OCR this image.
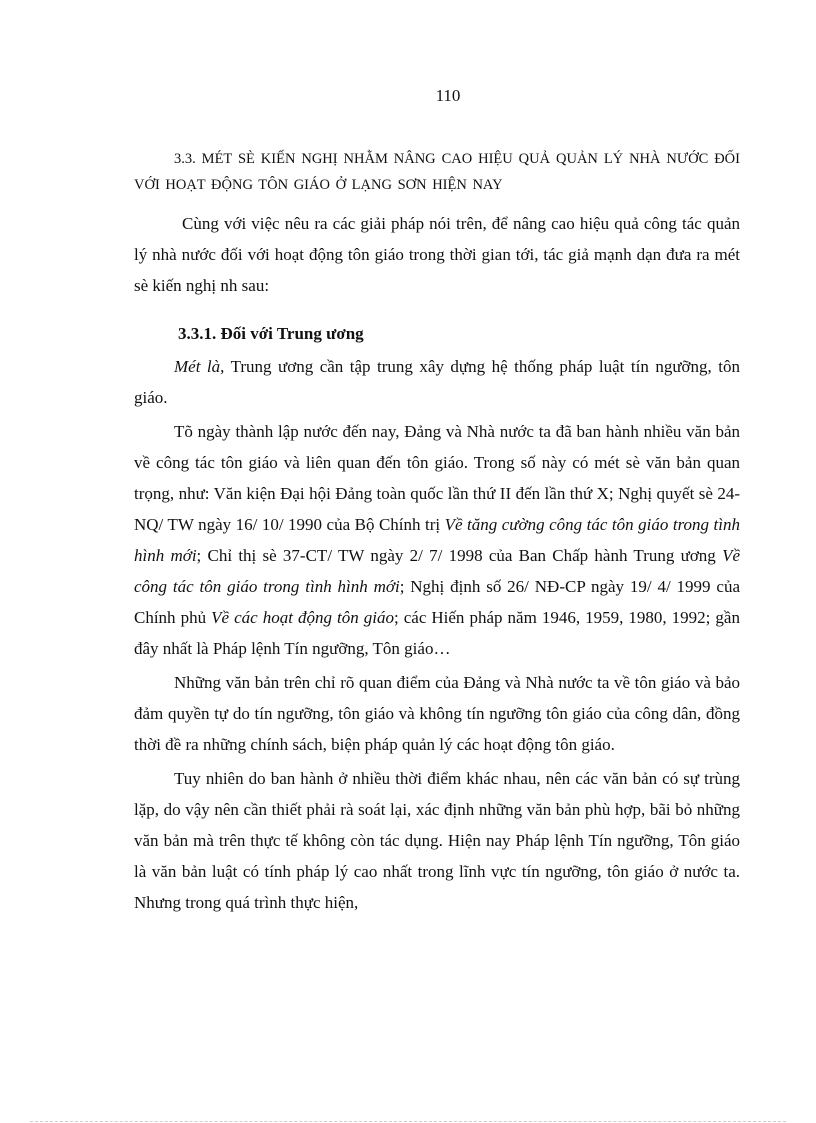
110

3.3. MÉT SÈ KIẾN NGHỊ NHẰM NÂNG CAO HIỆU QUẢ QUẢN LÝ NHÀ NƯỚC ĐỐI VỚI HOẠT ĐỘNG TÔN GIÁO Ở LẠNG SƠN HIỆN NAY

Cùng với việc nêu ra các giải pháp nói trên, để nâng cao hiệu quả công tác quản lý nhà nước đối với hoạt động tôn giáo trong thời gian tới, tác giả mạnh dạn đưa ra mét sè kiến nghị nh sau:

3.3.1. Đối với Trung ương

Mét là, Trung ương cần tập trung xây dựng hệ thống pháp luật tín ngưỡng, tôn giáo.

Tõ ngày thành lập nước đến nay, Đảng và Nhà nước ta đã ban hành nhiều văn bản về công tác tôn giáo và liên quan đến tôn giáo. Trong số này có mét sè văn bản quan trọng, như: Văn kiện Đại hội Đảng toàn quốc lần thứ II đến lần thứ X; Nghị quyết sè 24-NQ/ TW ngày 16/ 10/ 1990 của Bộ Chính trị Về tăng cường công tác tôn giáo trong tình hình mới; Chỉ thị sè 37-CT/ TW ngày 2/ 7/ 1998 của Ban Chấp hành Trung ương Về công tác tôn giáo trong tình hình mới; Nghị định số 26/ NĐ-CP ngày 19/ 4/ 1999 của Chính phủ Về các hoạt động tôn giáo; các Hiến pháp năm 1946, 1959, 1980, 1992; gần đây nhất là Pháp lệnh Tín ngưỡng, Tôn giáo…

Những văn bản trên chỉ rõ quan điểm của Đảng và Nhà nước ta về tôn giáo và bảo đảm quyền tự do tín ngưỡng, tôn giáo và không tín ngưỡng tôn giáo của công dân, đồng thời đề ra những chính sách, biện pháp quản lý các hoạt động tôn giáo.

Tuy nhiên do ban hành ở nhiều thời điểm khác nhau, nên các văn bản có sự trùng lặp, do vậy nên cần thiết phải rà soát lại, xác định những văn bản phù hợp, bãi bỏ những văn bản mà trên thực tế không còn tác dụng. Hiện nay Pháp lệnh Tín ngưỡng, Tôn giáo là văn bản luật có tính pháp lý cao nhất trong lĩnh vực tín ngưỡng, tôn giáo ở nước ta. Nhưng trong quá trình thực hiện,
